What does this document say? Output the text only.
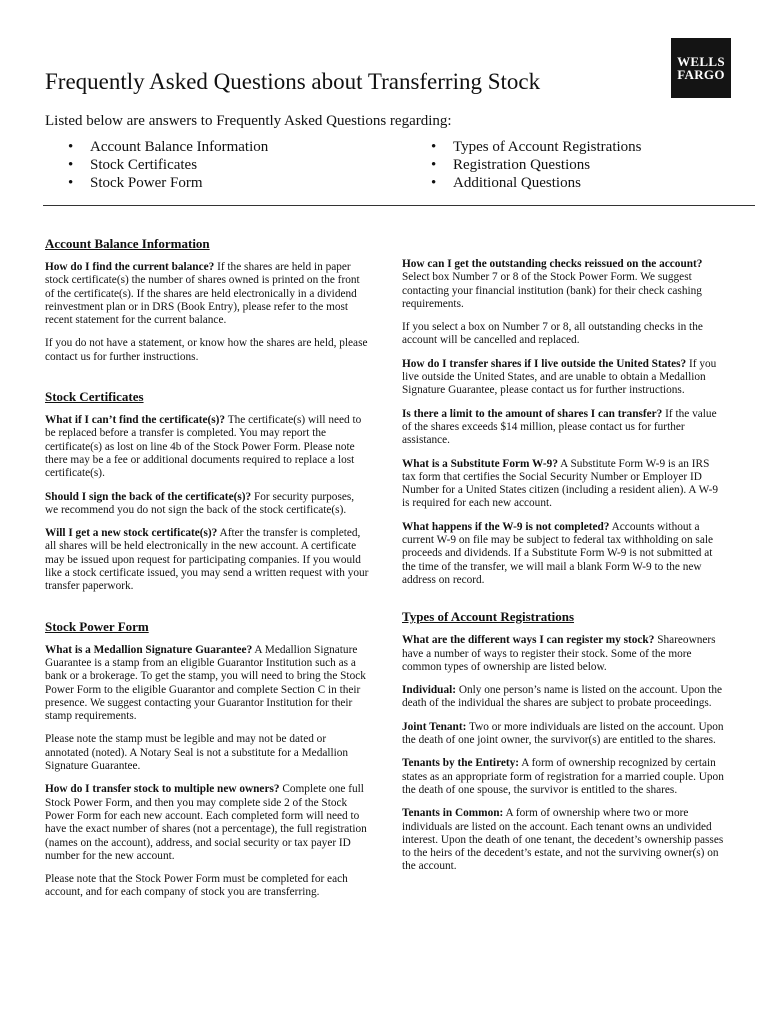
WELLS
FARGO
Frequently Asked Questions about Transferring Stock

Listed below are answers to Frequently Asked Questions regarding:

• Account Balance Information
• Stock Certificates
• Stock Power Form
• Types of Account Registrations
• Registration Questions
• Additional Questions
Account Balance Information

How do I find the current balance? If the shares are held in paper stock certificate(s) the number of shares owned is printed on the front of the certificate(s). If the shares are held electronically in a dividend reinvestment plan or in DRS (Book Entry), please refer to the most recent statement for the current balance.

If you do not have a statement, or know how the shares are held, please contact us for further instructions.

Stock Certificates

What if I can’t find the certificate(s)? The certificate(s) will need to be replaced before a transfer is completed. You may report the certificate(s) as lost on line 4b of the Stock Power Form. Please note there may be a fee or additional documents required to replace a lost certificate(s).

Should I sign the back of the certificate(s)? For security purposes, we recommend you do not sign the back of the stock certificate(s).

Will I get a new stock certificate(s)? After the transfer is completed, all shares will be held electronically in the new account. A certificate may be issued upon request for participating companies. If you would like a stock certificate issued, you may send a written request with your transfer paperwork.

Stock Power Form

What is a Medallion Signature Guarantee? A Medallion Signature Guarantee is a stamp from an eligible Guarantor Institution such as a bank or a brokerage. To get the stamp, you will need to bring the Stock Power Form to the eligible Guarantor and complete Section C in their presence. We suggest contacting your Guarantor Institution for their stamp requirements.

Please note the stamp must be legible and may not be dated or annotated (noted). A Notary Seal is not a substitute for a Medallion Signature Guarantee.

How do I transfer stock to multiple new owners? Complete one full Stock Power Form, and then you may complete side 2 of the Stock Power Form for each new account. Each completed form will need to have the exact number of shares (not a percentage), the full registration (names on the account), address, and social security or tax payer ID number for the new account.

Please note that the Stock Power Form must be completed for each account, and for each company of stock you are transferring.

How can I get the outstanding checks reissued on the account? Select box Number 7 or 8 of the Stock Power Form. We suggest contacting your financial institution (bank) for their check cashing requirements.

If you select a box on Number 7 or 8, all outstanding checks in the account will be cancelled and replaced.

How do I transfer shares if I live outside the United States? If you live outside the United States, and are unable to obtain a Medallion Signature Guarantee, please contact us for further instructions.

Is there a limit to the amount of shares I can transfer? If the value of the shares exceeds $14 million, please contact us for further assistance.

What is a Substitute Form W-9? A Substitute Form W-9 is an IRS tax form that certifies the Social Security Number or Employer ID Number for a United States citizen (including a resident alien). A W-9 is required for each new account.

What happens if the W-9 is not completed? Accounts without a current W-9 on file may be subject to federal tax withholding on sale proceeds and dividends. If a Substitute Form W-9 is not submitted at the time of the transfer, we will mail a blank Form W-9 to the new address on record.

Types of Account Registrations

What are the different ways I can register my stock? Shareowners have a number of ways to register their stock. Some of the more common types of ownership are listed below.

Individual: Only one person’s name is listed on the account. Upon the death of the individual the shares are subject to probate proceedings.

Joint Tenant: Two or more individuals are listed on the account. Upon the death of one joint owner, the survivor(s) are entitled to the shares.

Tenants by the Entirety: A form of ownership recognized by certain states as an appropriate form of registration for a married couple. Upon the death of one spouse, the survivor is entitled to the shares.

Tenants in Common: A form of ownership where two or more individuals are listed on the account. Each tenant owns an undivided interest. Upon the death of one tenant, the decedent’s ownership passes to the heirs of the decedent’s estate, and not the surviving owner(s) on the account.
